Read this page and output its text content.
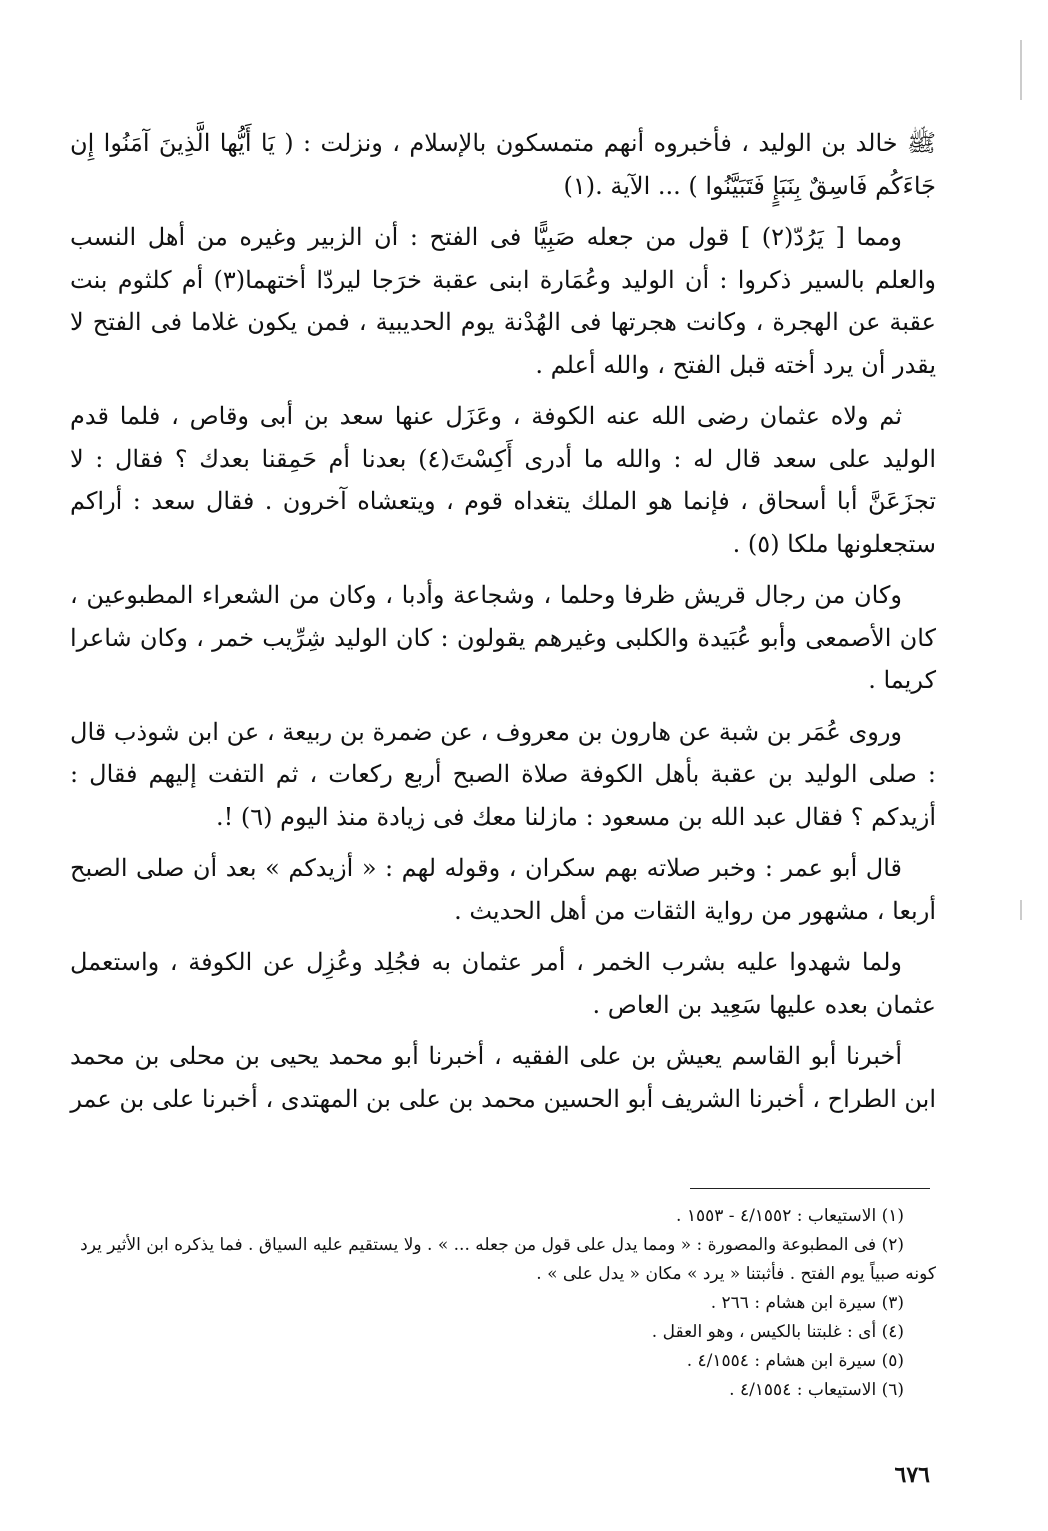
ﷺ خالد بن الوليد ، فأخبروه أنهم متمسكون بالإسلام ، ونزلت : ( يَا أَيُّها الَّذِينَ آمَنُوا إِن جَاءَكُم فَاسِقٌ بِنَبَإٍ فَتَبَيَّنُوا ) ... الآية .(١)

ومما [ يَرُدّ(٢) ] قول من جعله صَبِيًّا فى الفتح : أن الزبير وغيره من أهل النسب والعلم بالسير ذكروا : أن الوليد وعُمَارة ابنى عقبة خرَجا ليردّا أختهما(٣) أم كلثوم بنت عقبة عن الهجرة ، وكانت هجرتها فى الهُدْنة يوم الحديبية ، فمن يكون غلاما فى الفتح لا يقدر أن يرد أخته قبل الفتح ، والله أعلم .

ثم ولاه عثمان رضى الله عنه الكوفة ، وعَزَل عنها سعد بن أبى وقاص ، فلما قدم الوليد على سعد قال له : والله ما أدرى أَكِسْتَ(٤) بعدنا أم حَمِقنا بعدك ؟ فقال : لا تجزَعَنَّ أبا أسحاق ، فإنما هو الملك يتغداه قوم ، ويتعشاه آخرون . فقال سعد : أراكم ستجعلونها ملكا (٥) .

وكان من رجال قريش ظرفا وحلما ، وشجاعة وأدبا ، وكان من الشعراء المطبوعين ، كان الأصمعى وأبو عُبَيدة والكلبى وغيرهم يقولون : كان الوليد شِرِّيب خمر ، وكان شاعرا كريما .

وروى عُمَر بن شبة عن هارون بن معروف ، عن ضمرة بن ربيعة ، عن ابن شوذب قال : صلى الوليد بن عقبة بأهل الكوفة صلاة الصبح أربع ركعات ، ثم التفت إليهم فقال : أزيدكم ؟ فقال عبد الله بن مسعود : مازلنا معك فى زيادة منذ اليوم (٦) !.

قال أبو عمر : وخبر صلاته بهم سكران ، وقوله لهم : « أزيدكم » بعد أن صلى الصبح أربعا ، مشهور من رواية الثقات من أهل الحديث .

ولما شهدوا عليه بشرب الخمر ، أمر عثمان به فجُلِد وعُزِل عن الكوفة ، واستعمل عثمان بعده عليها سَعِيد بن العاص .

أخبرنا أبو القاسم يعيش بن على الفقيه ، أخبرنا أبو محمد يحيى بن محلى بن محمد ابن الطراح ، أخبرنا الشريف أبو الحسين محمد بن على بن المهتدى ، أخبرنا على بن عمر

(١) الاستيعاب : ٤/١٥٥٢ - ١٥٥٣ .

(٢) فى المطبوعة والمصورة : « ومما يدل على قول من جعله ... » . ولا يستقيم عليه السياق . فما يذكره ابن الأثير يرد

كونه صبياً يوم الفتح . فأثبتنا « يرد » مكان « يدل على » .

(٣) سيرة ابن هشام : ٢٦٦ .

(٤) أى : غلبتنا بالكيس ، وهو العقل .

(٥) سيرة ابن هشام : ٤/١٥٥٤ .

(٦) الاستيعاب : ٤/١٥٥٤ .

٦٧٦
